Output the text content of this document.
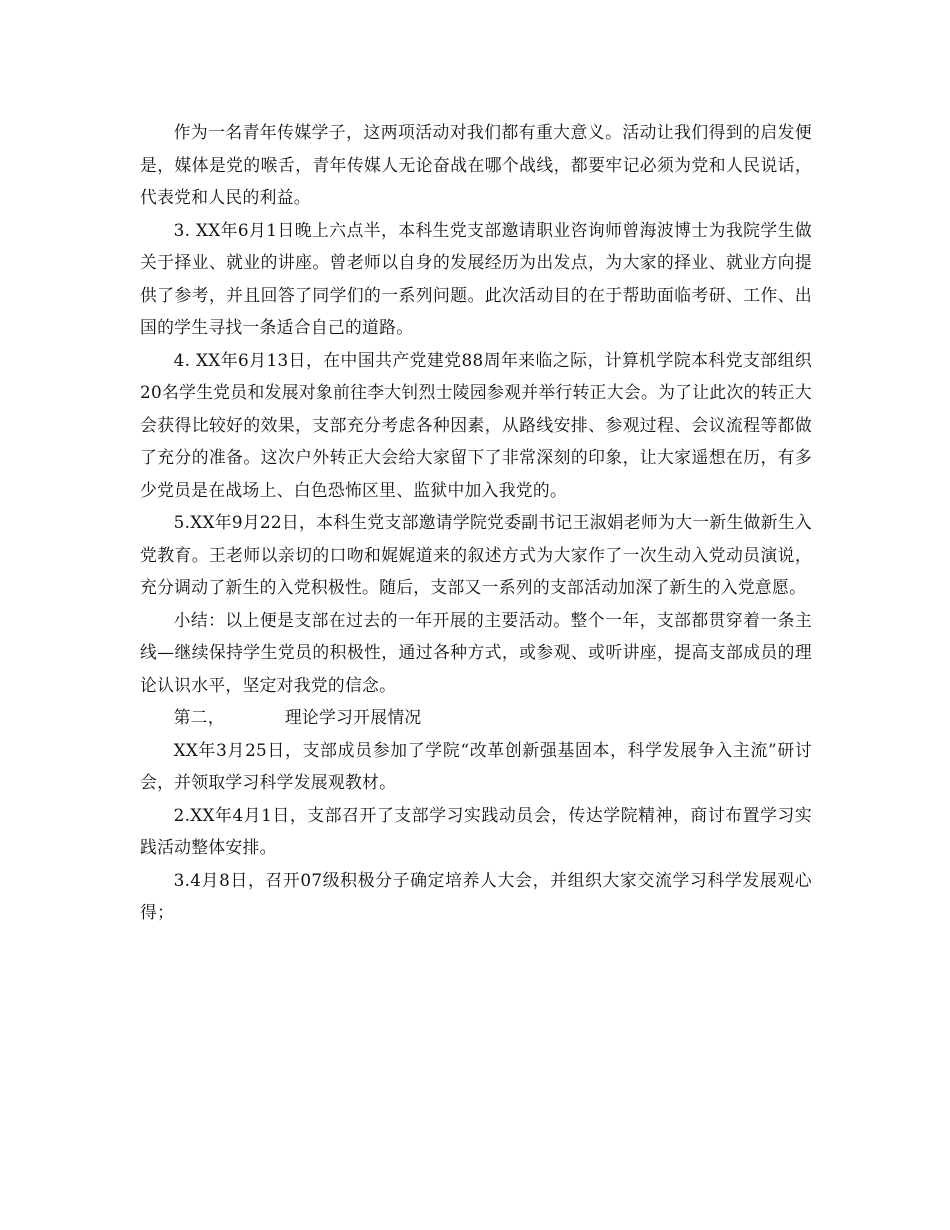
作为一名青年传媒学子，这两项活动对我们都有重大意义。活动让我们得到的启发便是，媒体是党的喉舌，青年传媒人无论奋战在哪个战线，都要牢记必须为党和人民说话，代表党和人民的利益。

3. XX年6月1日晚上六点半，本科生党支部邀请职业咨询师曾海波博士为我院学生做关于择业、就业的讲座。曾老师以自身的发展经历为出发点，为大家的择业、就业方向提供了参考，并且回答了同学们的一系列问题。此次活动目的在于帮助面临考研、工作、出国的学生寻找一条适合自己的道路。

4. XX年6月13日，在中国共产党建党88周年来临之际，计算机学院本科党支部组织20名学生党员和发展对象前往李大钊烈士陵园参观并举行转正大会。为了让此次的转正大会获得比较好的效果，支部充分考虑各种因素，从路线安排、参观过程、会议流程等都做了充分的准备。这次户外转正大会给大家留下了非常深刻的印象，让大家遥想在历，有多少党员是在战场上、白色恐怖区里、监狱中加入我党的。

5.XX年9月22日，本科生党支部邀请学院党委副书记王淑娟老师为大一新生做新生入党教育。王老师以亲切的口吻和娓娓道来的叙述方式为大家作了一次生动入党动员演说，充分调动了新生的入党积极性。随后，支部又一系列的支部活动加深了新生的入党意愿。

小结：以上便是支部在过去的一年开展的主要活动。整个一年，支部都贯穿着一条主线—继续保持学生党员的积极性，通过各种方式，或参观、或听讲座，提高支部成员的理论认识水平，坚定对我党的信念。

第二，	理论学习开展情况

XX年3月25日，支部成员参加了学院“改革创新强基固本，科学发展争入主流”研讨会，并领取学习科学发展观教材。

2.XX年4月1日，支部召开了支部学习实践动员会，传达学院精神，商讨布置学习实践活动整体安排。

3.4月8日，召开07级积极分子确定培养人大会，并组织大家交流学习科学发展观心得；
